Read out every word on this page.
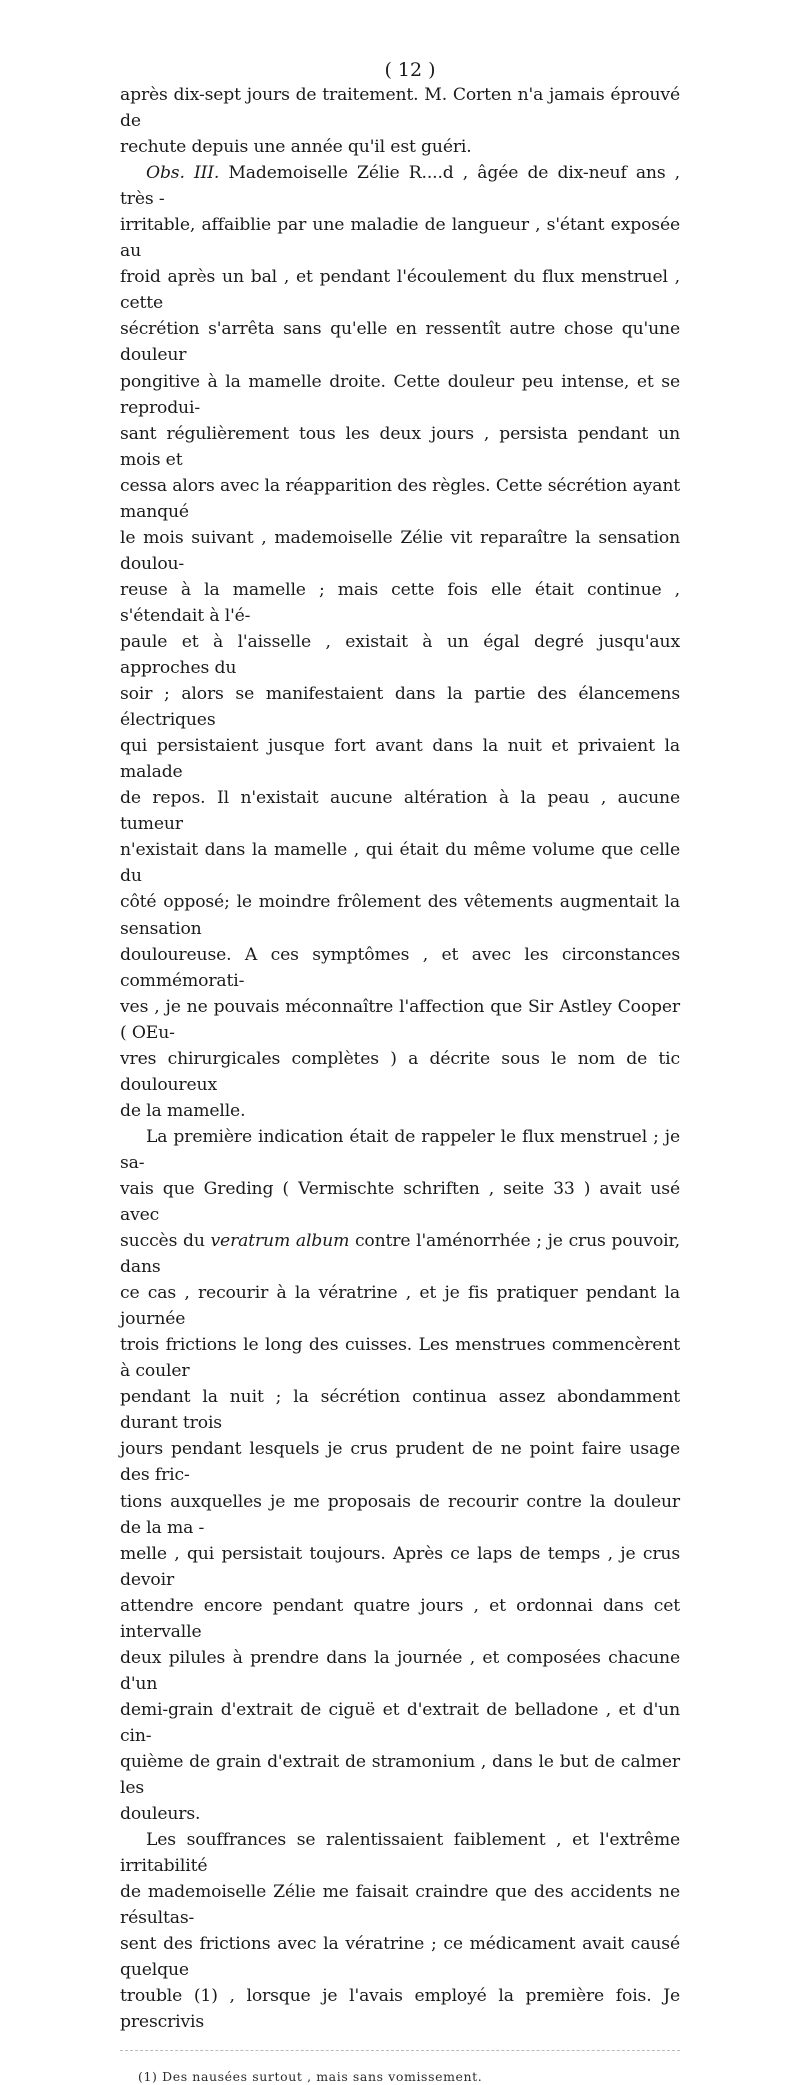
( 12 )

après dix-sept jours de traitement. M. Corten n'a jamais éprouvé de
rechute depuis une année qu'il est guéri.

Obs. III. Mademoiselle Zélie R....d , âgée de dix-neuf ans , très -
irritable, affaiblie par une maladie de langueur , s'étant exposée au
froid après un bal , et pendant l'écoulement du flux menstruel , cette
sécrétion s'arrêta sans qu'elle en ressentît autre chose qu'une douleur
pongitive à la mamelle droite. Cette douleur peu intense, et se reprodui-
sant régulièrement tous les deux jours , persista pendant un mois et
cessa alors avec la réapparition des règles. Cette sécrétion ayant manqué
le mois suivant , mademoiselle Zélie vit reparaître la sensation doulou-
reuse à la mamelle ; mais cette fois elle était continue , s'étendait à l'é-
paule et à l'aisselle , existait à un égal degré jusqu'aux approches du
soir ; alors se manifestaient dans la partie des élancemens électriques
qui persistaient jusque fort avant dans la nuit et privaient la malade
de repos. Il n'existait aucune altération à la peau , aucune tumeur
n'existait dans la mamelle , qui était du même volume que celle du
côté opposé; le moindre frôlement des vêtements augmentait la sensation
douloureuse. A ces symptômes , et avec les circonstances commémorati-
ves , je ne pouvais méconnaître l'affection que Sir Astley Cooper ( OEu-
vres chirurgicales complètes ) a décrite sous le nom de tic douloureux
de la mamelle.

La première indication était de rappeler le flux menstruel ; je sa-
vais que Greding ( Vermischte schriften , seite 33 ) avait usé avec
succès du veratrum album contre l'aménorrhée ; je crus pouvoir, dans
ce cas , recourir à la vératrine , et je fis pratiquer pendant la journée
trois frictions le long des cuisses. Les menstrues commencèrent à couler
pendant la nuit ; la sécrétion continua assez abondamment durant trois
jours pendant lesquels je crus prudent de ne point faire usage des fric-
tions auxquelles je me proposais de recourir contre la douleur de la ma -
melle , qui persistait toujours. Après ce laps de temps , je crus devoir
attendre encore pendant quatre jours , et ordonnai dans cet intervalle
deux pilules à prendre dans la journée , et composées chacune d'un
demi-grain d'extrait de ciguë et d'extrait de belladone , et d'un cin-
quième de grain d'extrait de stramonium , dans le but de calmer les
douleurs.

Les souffrances se ralentissaient faiblement , et l'extrême irritabilité
de mademoiselle Zélie me faisait craindre que des accidents ne résultas-
sent des frictions avec la vératrine ; ce médicament avait causé quelque
trouble (1) , lorsque je l'avais employé la première fois. Je prescrivis

(1) Des nausées surtout , mais sans vomissement.
